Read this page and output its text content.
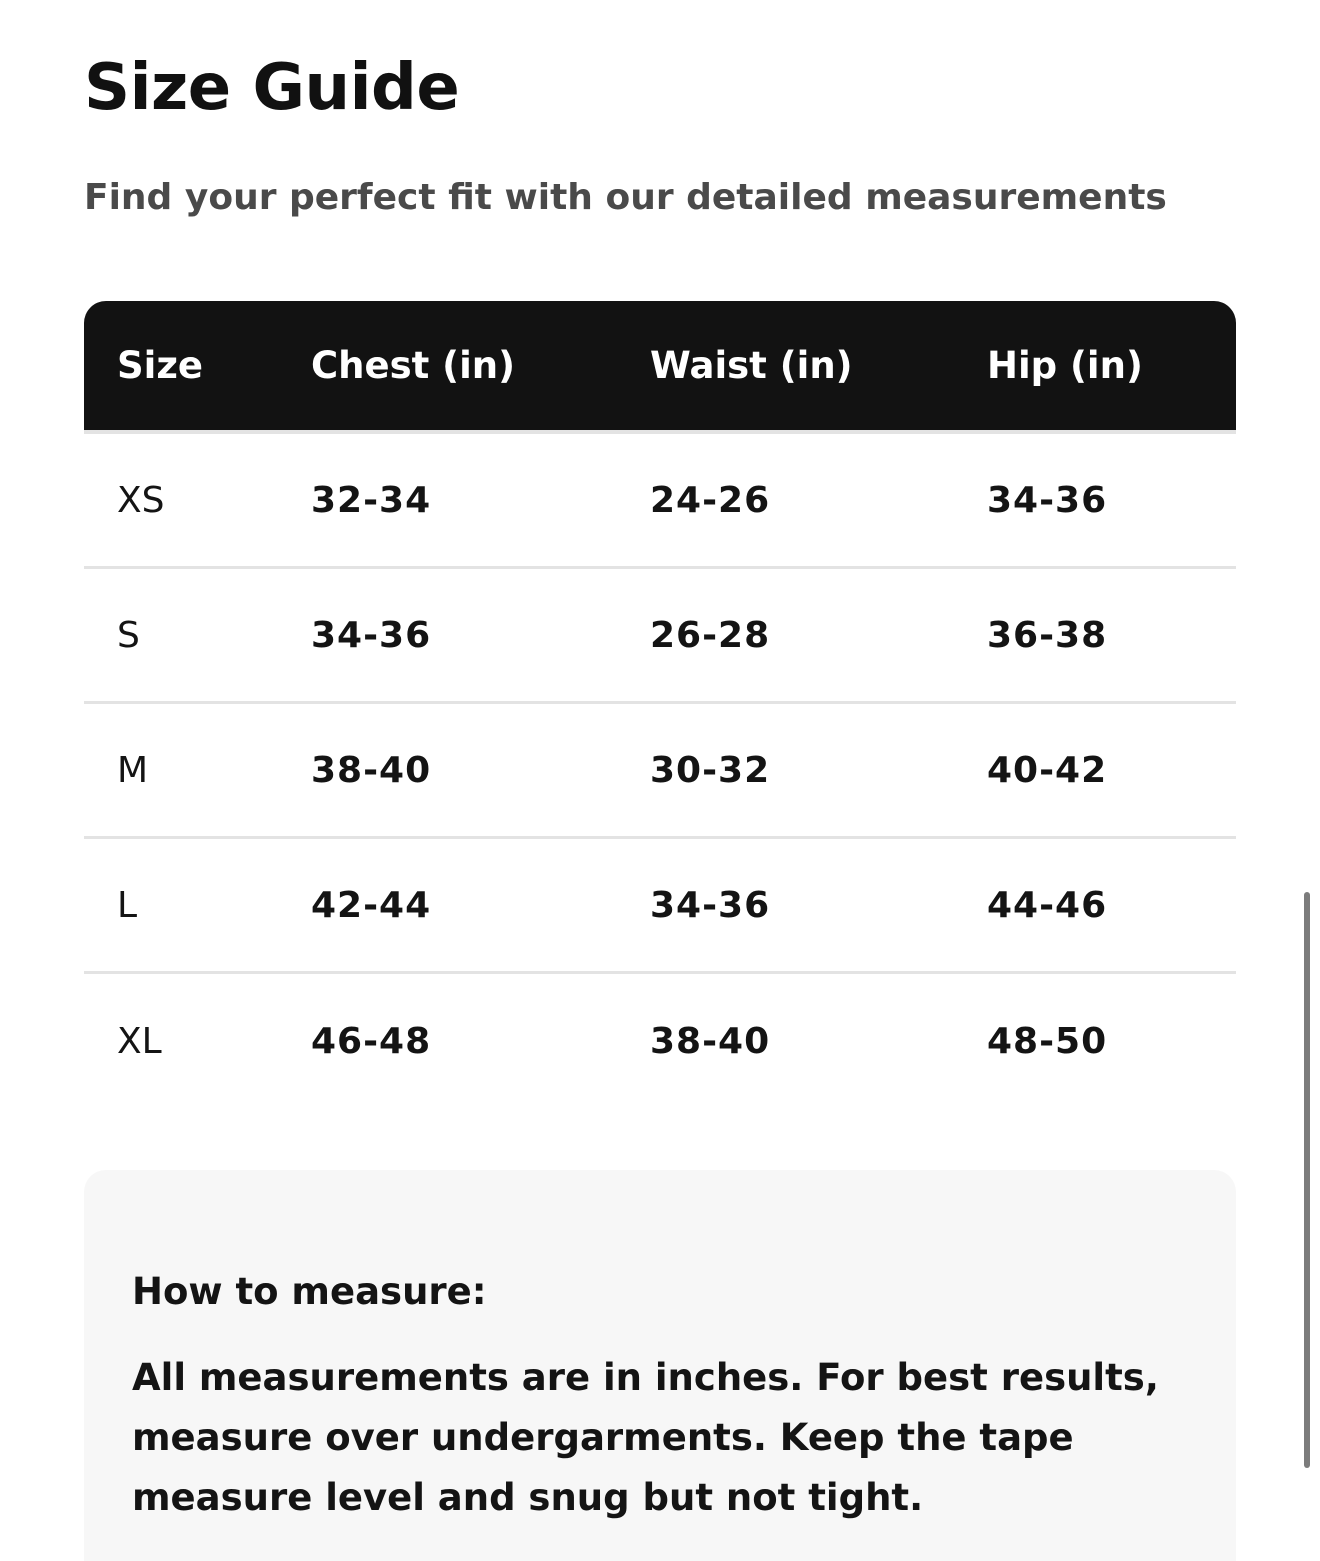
Size Guide

Find your perfect fit with our detailed measurements

Size	Chest (in)	Waist (in)	Hip (in)
XS	32-34	24-26	34-36
S	34-36	26-28	36-38
M	38-40	30-32	40-42
L	42-44	34-36	44-46
XL	46-48	38-40	48-50
How to measure:

All measurements are in inches. For best results, measure over undergarments. Keep the tape measure level and snug but not tight.
